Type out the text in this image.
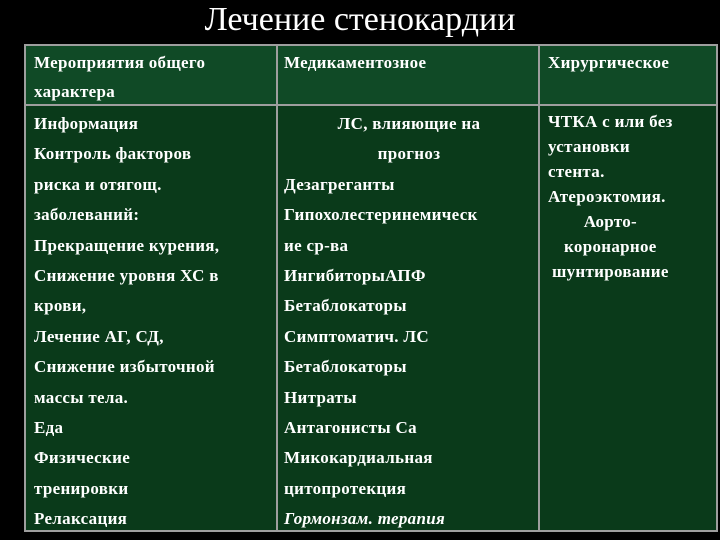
Лечение стенокардии
Мероприятия общего
характера
Медикаментозное	Хирургическое
Информация
Контроль факторов
риска и отягощ.
заболеваний:
Прекращение курения,
Снижение уровня ХС в
крови,
Лечение АГ, СД,
Снижение избыточной
массы тела.
Еда
Физические
тренировки
Релаксация
ЛС, влияющие на
прогноз
Дезагреганты
Гипохолестеринемическ
ие ср-ва
ИнгибиторыАПФ
Бетаблокаторы
Симптоматич. ЛС
Бетаблокаторы
Нитраты
Антагонисты Са
Микокардиальная
цитопротекция
Гормонзам. терапия
ЧТКА с или без
установки
стента.
Атероэктомия.
Аорто-
коронарное
шунтирование
